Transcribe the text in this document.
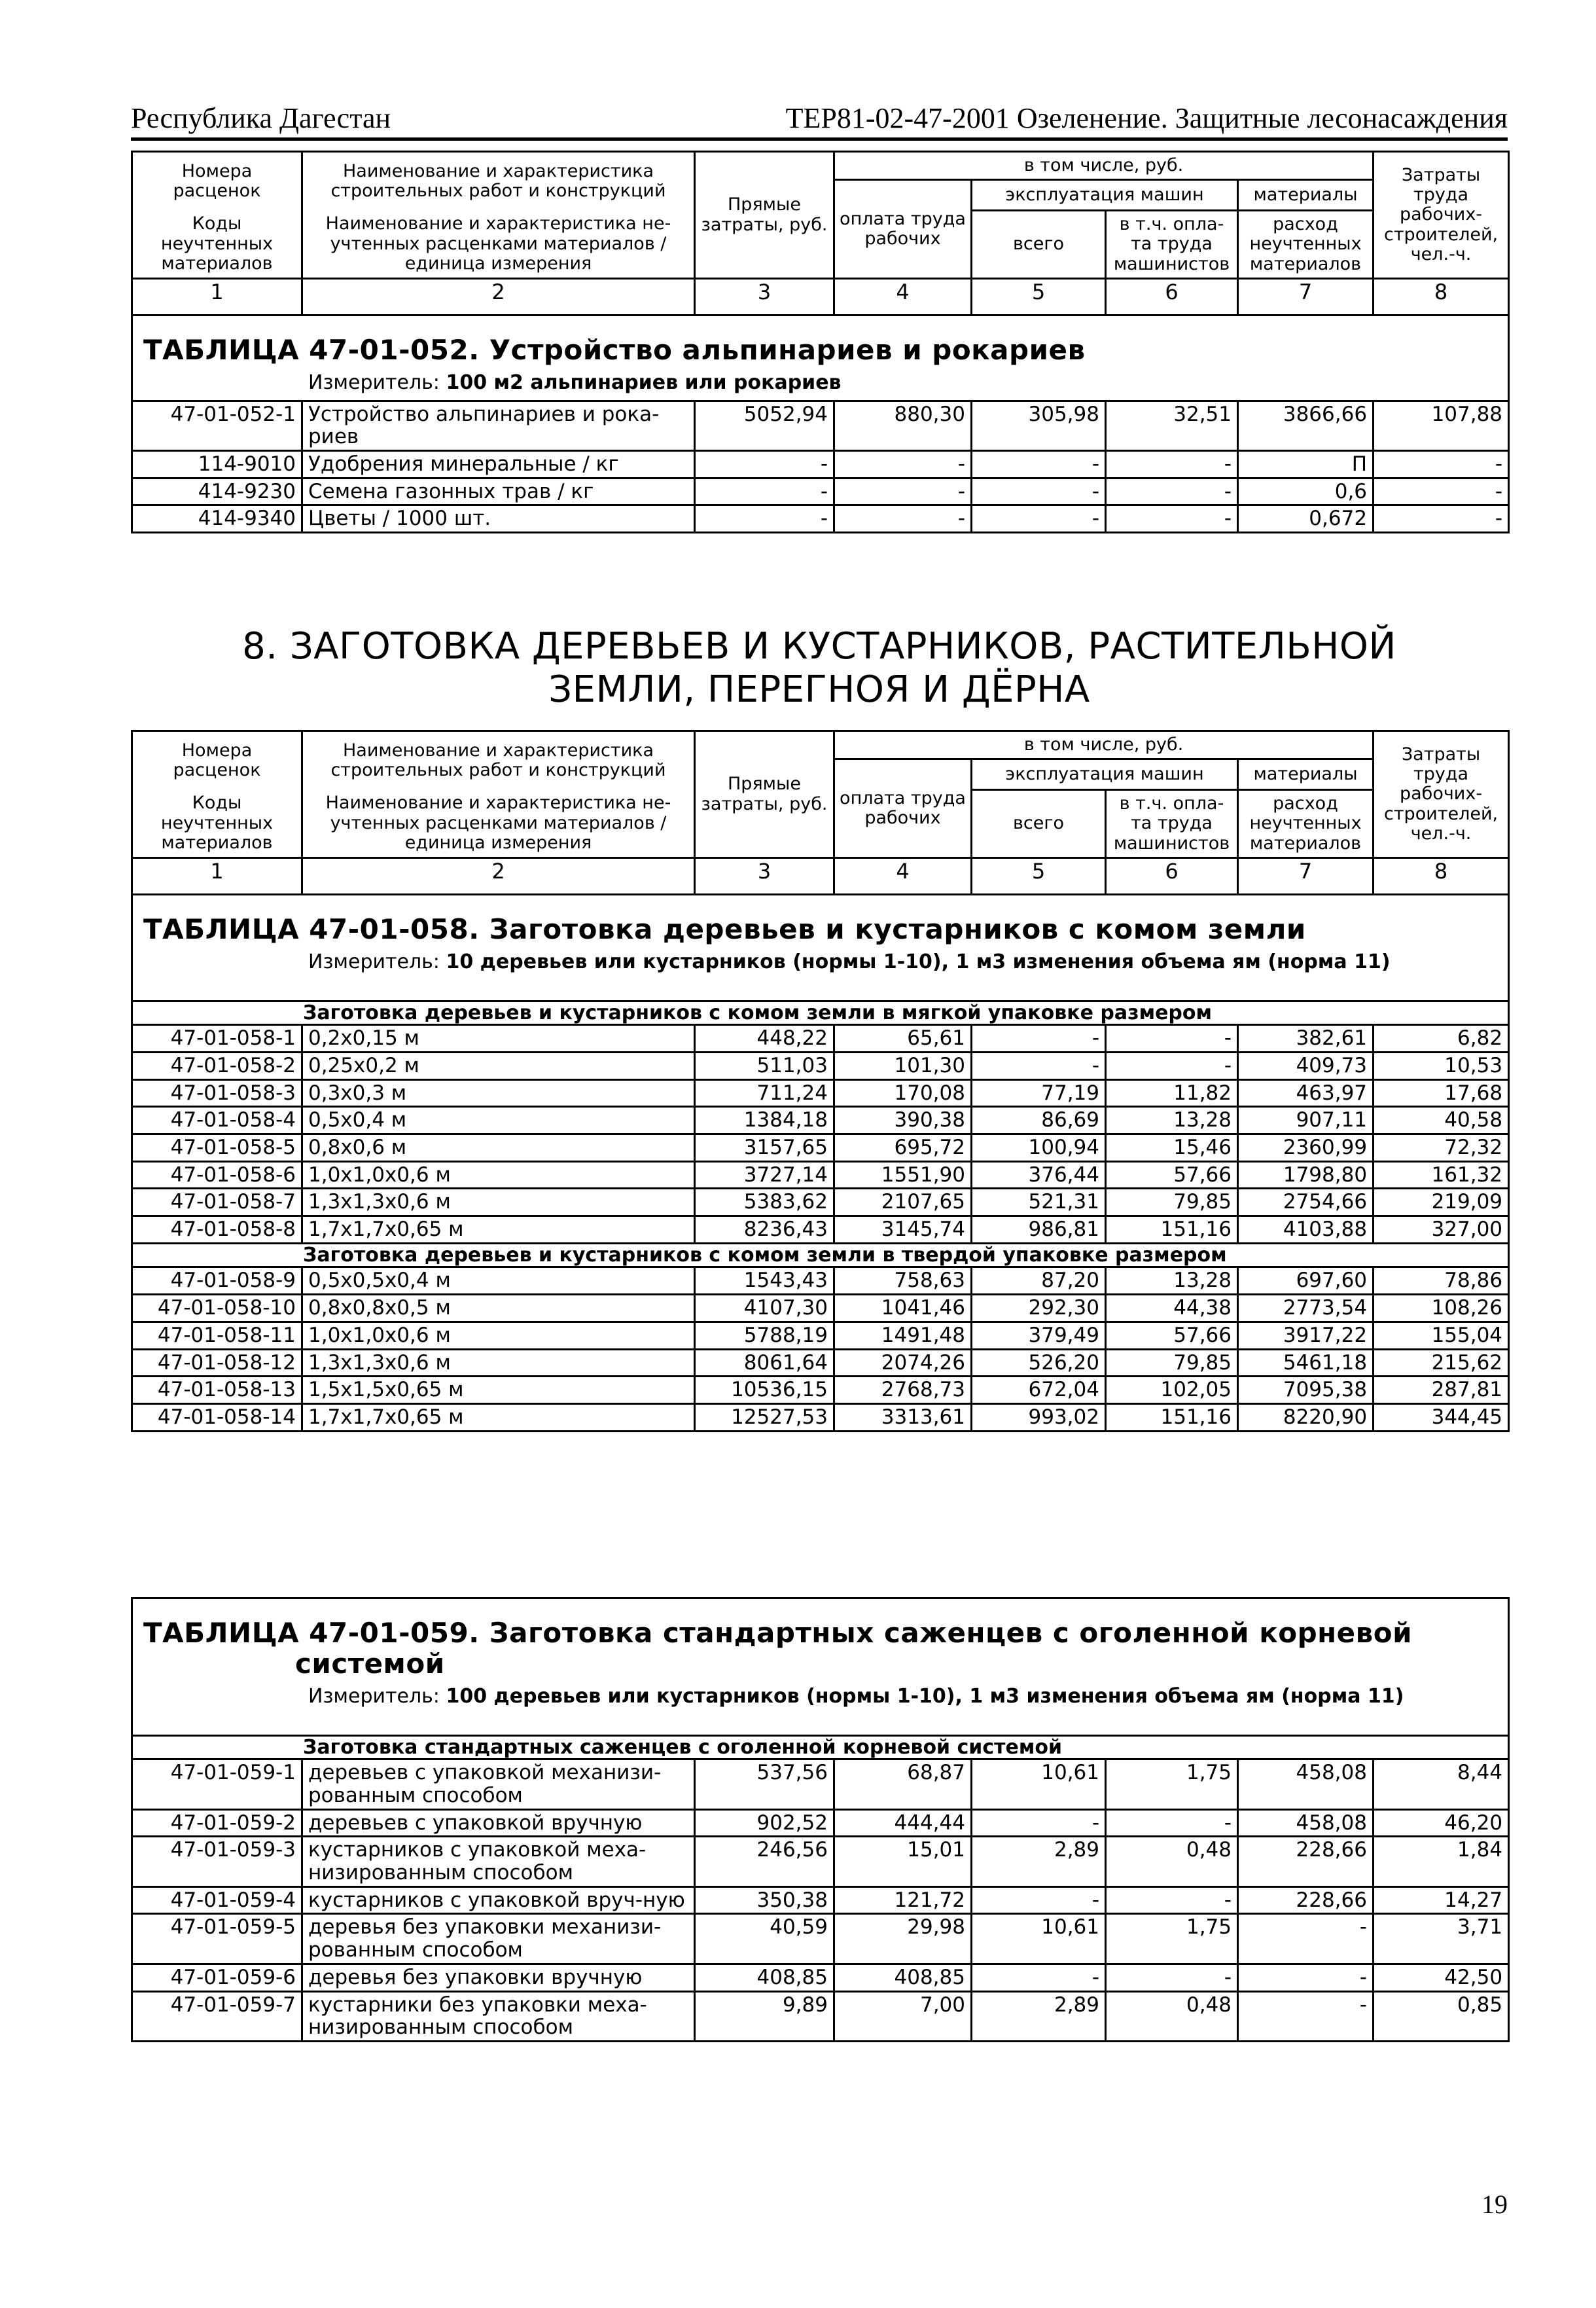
Республика Дагестан	ТЕР81-02-47-2001 Озеленение. Защитные лесонасаждения
Номера расценок	Наименование и характеристика строительных работ и конструкций	Прямые затраты, руб.	в том числе, руб.				Затраты труда рабочих-строителей, чел.-ч.
			оплата труда рабочих	эксплуатация машин		материалы	
Коды неучтенных материалов	Наименование и характеристика не-учтенных расценками материалов / единица измерения			всего	в т.ч. опла-та труда машинистов	расход неучтенных материалов	

1	2	3	4	5	6	7	8
ТАБЛИЦА 47-01-052. Устройство альпинариев и рокариев							
Измеритель: 100 м2 альпинариев или рокариев							
47-01-052-1	Устройство альпинариев и рока-риев	5052,94	880,30	305,98	32,51	3866,66	107,88
114-9010	Удобрения минеральные / кг	-	-	-	-	П	-
414-9230	Семена газонных трав / кг	-	-	-	-	0,6	-
414-9340	Цветы / 1000 шт.	-	-	-	-	0,672	-
8. ЗАГОТОВКА ДЕРЕВЬЕВ И КУСТАРНИКОВ, РАСТИТЕЛЬНОЙ
ЗЕМЛИ, ПЕРЕГНОЯ И ДЁРНА
Номера расценок	Наименование и характеристика строительных работ и конструкций	Прямые затраты, руб.	в том числе, руб.				Затраты труда рабочих-строителей, чел.-ч.
			оплата труда рабочих	эксплуатация машин		материалы	
Коды неучтенных материалов	Наименование и характеристика не-учтенных расценками материалов / единица измерения			всего	в т.ч. опла-та труда машинистов	расход неучтенных материалов	

1	2	3	4	5	6	7	8
ТАБЛИЦА 47-01-058. Заготовка деревьев и кустарников с комом земли							
Измеритель: 10 деревьев или кустарников (нормы 1-10), 1 м3 изменения объема ям (норма 11)							
Заготовка деревьев и кустарников с комом земли в мягкой упаковке размером							
47-01-058-1	0,2x0,15 м	448,22	65,61	-	-	382,61	6,82
47-01-058-2	0,25x0,2 м	511,03	101,30	-	-	409,73	10,53
47-01-058-3	0,3x0,3 м	711,24	170,08	77,19	11,82	463,97	17,68
47-01-058-4	0,5x0,4 м	1384,18	390,38	86,69	13,28	907,11	40,58
47-01-058-5	0,8x0,6 м	3157,65	695,72	100,94	15,46	2360,99	72,32
47-01-058-6	1,0x1,0x0,6 м	3727,14	1551,90	376,44	57,66	1798,80	161,32
47-01-058-7	1,3x1,3x0,6 м	5383,62	2107,65	521,31	79,85	2754,66	219,09
47-01-058-8	1,7x1,7x0,65 м	8236,43	3145,74	986,81	151,16	4103,88	327,00
Заготовка деревьев и кустарников с комом земли в твердой упаковке размером							
47-01-058-9	0,5x0,5x0,4 м	1543,43	758,63	87,20	13,28	697,60	78,86
47-01-058-10	0,8x0,8x0,5 м	4107,30	1041,46	292,30	44,38	2773,54	108,26
47-01-058-11	1,0x1,0x0,6 м	5788,19	1491,48	379,49	57,66	3917,22	155,04
47-01-058-12	1,3x1,3x0,6 м	8061,64	2074,26	526,20	79,85	5461,18	215,62
47-01-058-13	1,5x1,5x0,65 м	10536,15	2768,73	672,04	102,05	7095,38	287,81
47-01-058-14	1,7x1,7x0,65 м	12527,53	3313,61	993,02	151,16	8220,90	344,45
ТАБЛИЦА 47-01-059. Заготовка стандартных саженцев с оголенной корневой системой							

Измеритель: 100 деревьев или кустарников (нормы 1-10), 1 м3 изменения объема ям (норма 11)							
Заготовка стандартных саженцев с оголенной корневой системой							
47-01-059-1	деревьев с упаковкой механизи-рованным способом	537,56	68,87	10,61	1,75	458,08	8,44
47-01-059-2	деревьев с упаковкой вручную	902,52	444,44	-	-	458,08	46,20
47-01-059-3	кустарников с упаковкой меха-низированным способом	246,56	15,01	2,89	0,48	228,66	1,84
47-01-059-4	кустарников с упаковкой вруч-ную	350,38	121,72	-	-	228,66	14,27
47-01-059-5	деревья без упаковки механизи-рованным способом	40,59	29,98	10,61	1,75	-	3,71
47-01-059-6	деревья без упаковки вручную	408,85	408,85	-	-	-	42,50
47-01-059-7	кустарники без упаковки меха-низированным способом	9,89	7,00	2,89	0,48	-	0,85
19
